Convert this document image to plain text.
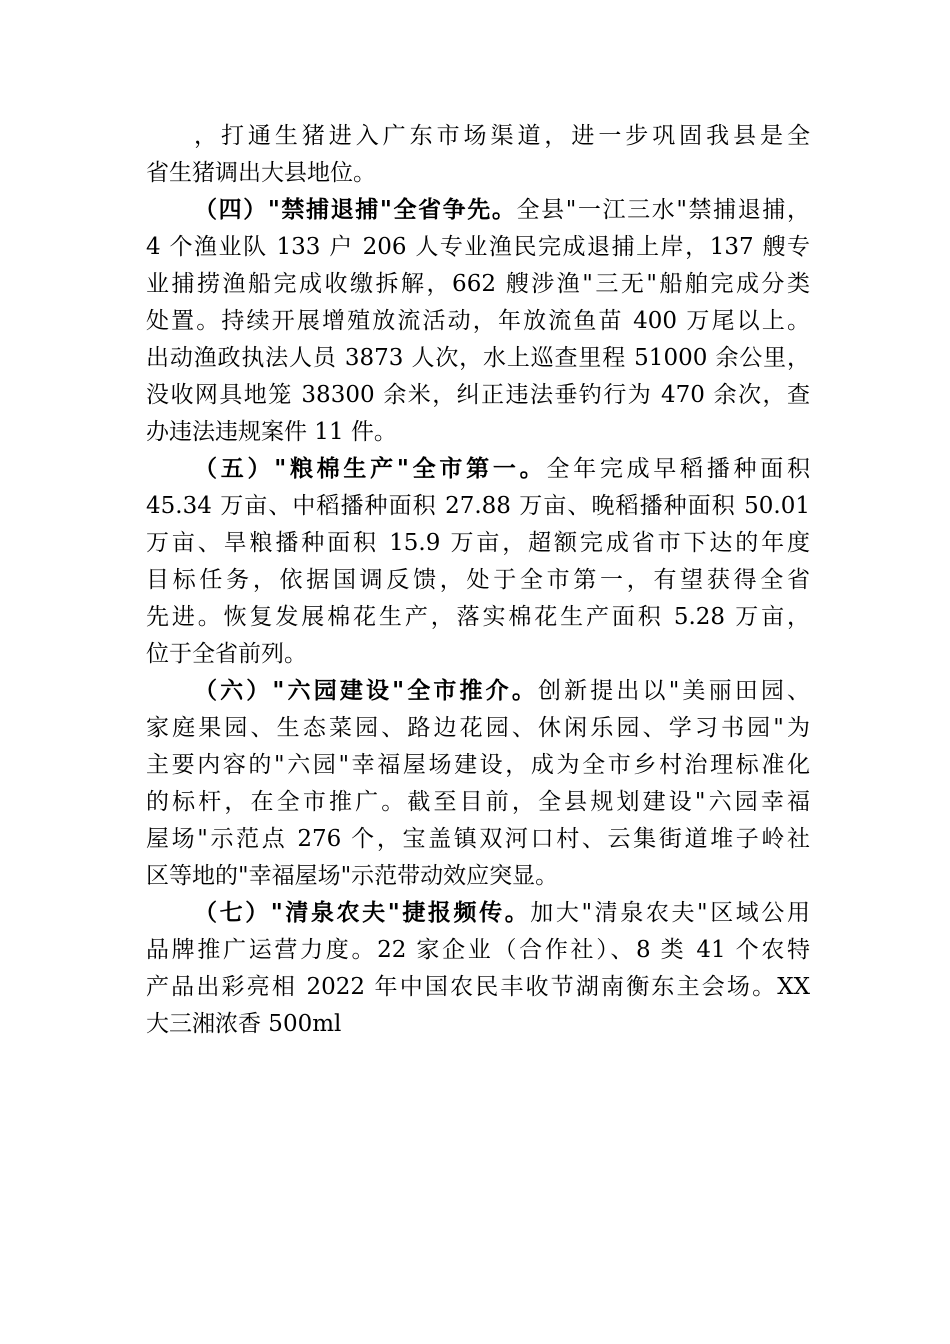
，打通生猪进入广东市场渠道，进一步巩固我县是全
省生猪调出大县地位。
（四）"禁捕退捕"全省争先。全县"一江三水"禁捕退捕，
4 个渔业队 133 户 206 人专业渔民完成退捕上岸，137 艘专
业捕捞渔船完成收缴拆解，662 艘涉渔"三无"船舶完成分类
处置。持续开展增殖放流活动，年放流鱼苗 400 万尾以上。
出动渔政执法人员 3873 人次，水上巡查里程 51000 余公里，
没收网具地笼 38300 余米，纠正违法垂钓行为 470 余次，查
办违法违规案件 11 件。
（五）"粮棉生产"全市第一。全年完成早稻播种面积
45.34 万亩、中稻播种面积 27.88 万亩、晚稻播种面积 50.01
万亩、旱粮播种面积 15.9 万亩，超额完成省市下达的年度
目标任务，依据国调反馈，处于全市第一，有望获得全省
先进。恢复发展棉花生产，落实棉花生产面积 5.28 万亩，
位于全省前列。
（六）"六园建设"全市推介。创新提出以"美丽田园、
家庭果园、生态菜园、路边花园、休闲乐园、学习书园"为
主要内容的"六园"幸福屋场建设，成为全市乡村治理标准化
的标杆，在全市推广。截至目前，全县规划建设"六园幸福
屋场"示范点 276 个，宝盖镇双河口村、云集街道堆子岭社
区等地的"幸福屋场"示范带动效应突显。
（七）"清泉农夫"捷报频传。加大"清泉农夫"区域公用
品牌推广运营力度。22 家企业（合作社）、8 类 41 个农特
产品出彩亮相 2022 年中国农民丰收节湖南衡东主会场。XX
大三湘浓香 500ml
